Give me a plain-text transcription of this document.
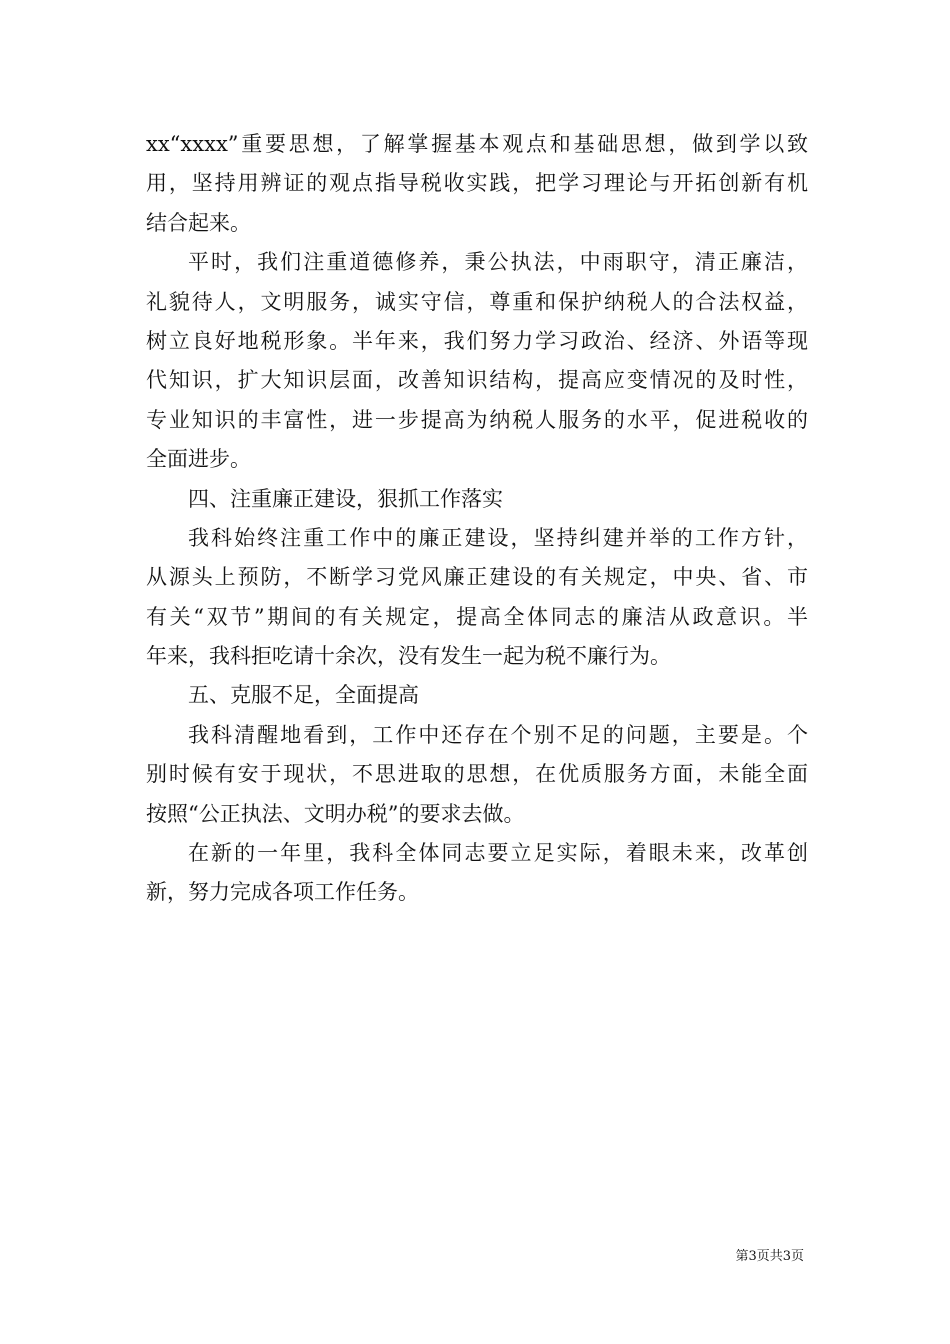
xx“xxxx”重要思想，了解掌握基本观点和基础思想，做到学以致
用，坚持用辨证的观点指导税收实践，把学习理论与开拓创新有机
结合起来。
平时，我们注重道德修养，秉公执法，中雨职守，清正廉洁，
礼貌待人，文明服务，诚实守信，尊重和保护纳税人的合法权益，
树立良好地税形象。半年来，我们努力学习政治、经济、外语等现
代知识，扩大知识层面，改善知识结构，提高应变情况的及时性，
专业知识的丰富性，进一步提高为纳税人服务的水平，促进税收的
全面进步。
四、注重廉正建设，狠抓工作落实
我科始终注重工作中的廉正建设，坚持纠建并举的工作方针，
从源头上预防，不断学习党风廉正建设的有关规定，中央、省、市
有关“双节”期间的有关规定，提高全体同志的廉洁从政意识。半
年来，我科拒吃请十余次，没有发生一起为税不廉行为。
五、克服不足，全面提高
我科清醒地看到，工作中还存在个别不足的问题，主要是。个
别时候有安于现状，不思进取的思想，在优质服务方面，未能全面
按照“公正执法、文明办税”的要求去做。
在新的一年里，我科全体同志要立足实际，着眼未来，改革创
新，努力完成各项工作任务。
第3页共3页
